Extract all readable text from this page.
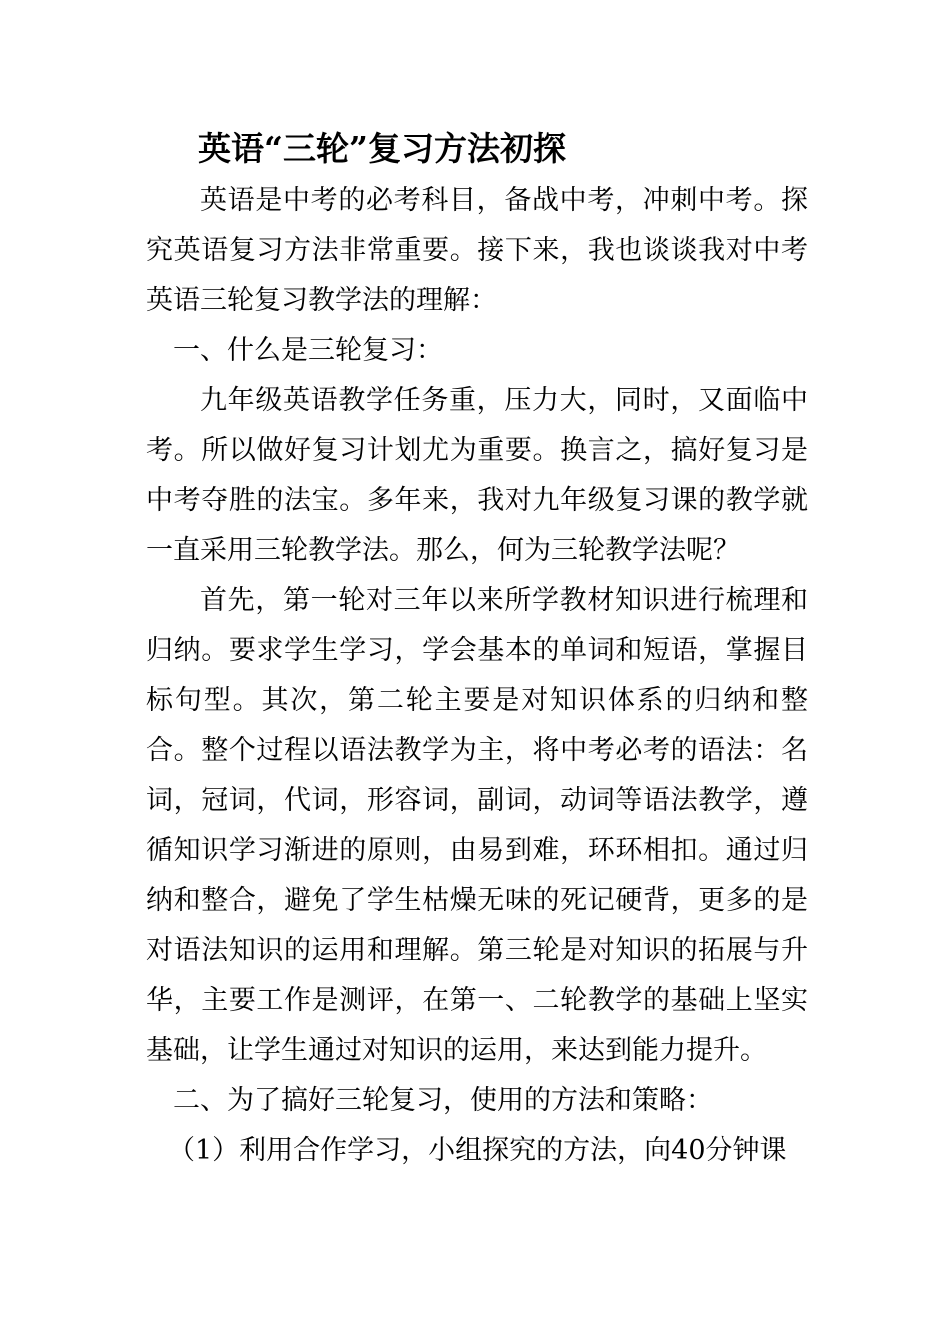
英语“三轮”复习方法初探

英语是中考的必考科目，备战中考，冲刺中考。探究英语复习方法非常重要。接下来，我也谈谈我对中考英语三轮复习教学法的理解：

一、什么是三轮复习：

九年级英语教学任务重，压力大，同时，又面临中考。所以做好复习计划尤为重要。换言之，搞好复习是中考夺胜的法宝。多年来，我对九年级复习课的教学就一直采用三轮教学法。那么，何为三轮教学法呢？

首先，第一轮对三年以来所学教材知识进行梳理和归纳。要求学生学习，学会基本的单词和短语，掌握目标句型。其次，第二轮主要是对知识体系的归纳和整合。整个过程以语法教学为主，将中考必考的语法：名词，冠词，代词，形容词，副词，动词等语法教学，遵循知识学习渐进的原则，由易到难，环环相扣。通过归纳和整合，避免了学生枯燥无味的死记硬背，更多的是对语法知识的运用和理解。第三轮是对知识的拓展与升华，主要工作是测评，在第一、二轮教学的基础上坚实基础，让学生通过对知识的运用，来达到能力提升。

二、为了搞好三轮复习，使用的方法和策略：

（1）利用合作学习，小组探究的方法，向40分钟课
